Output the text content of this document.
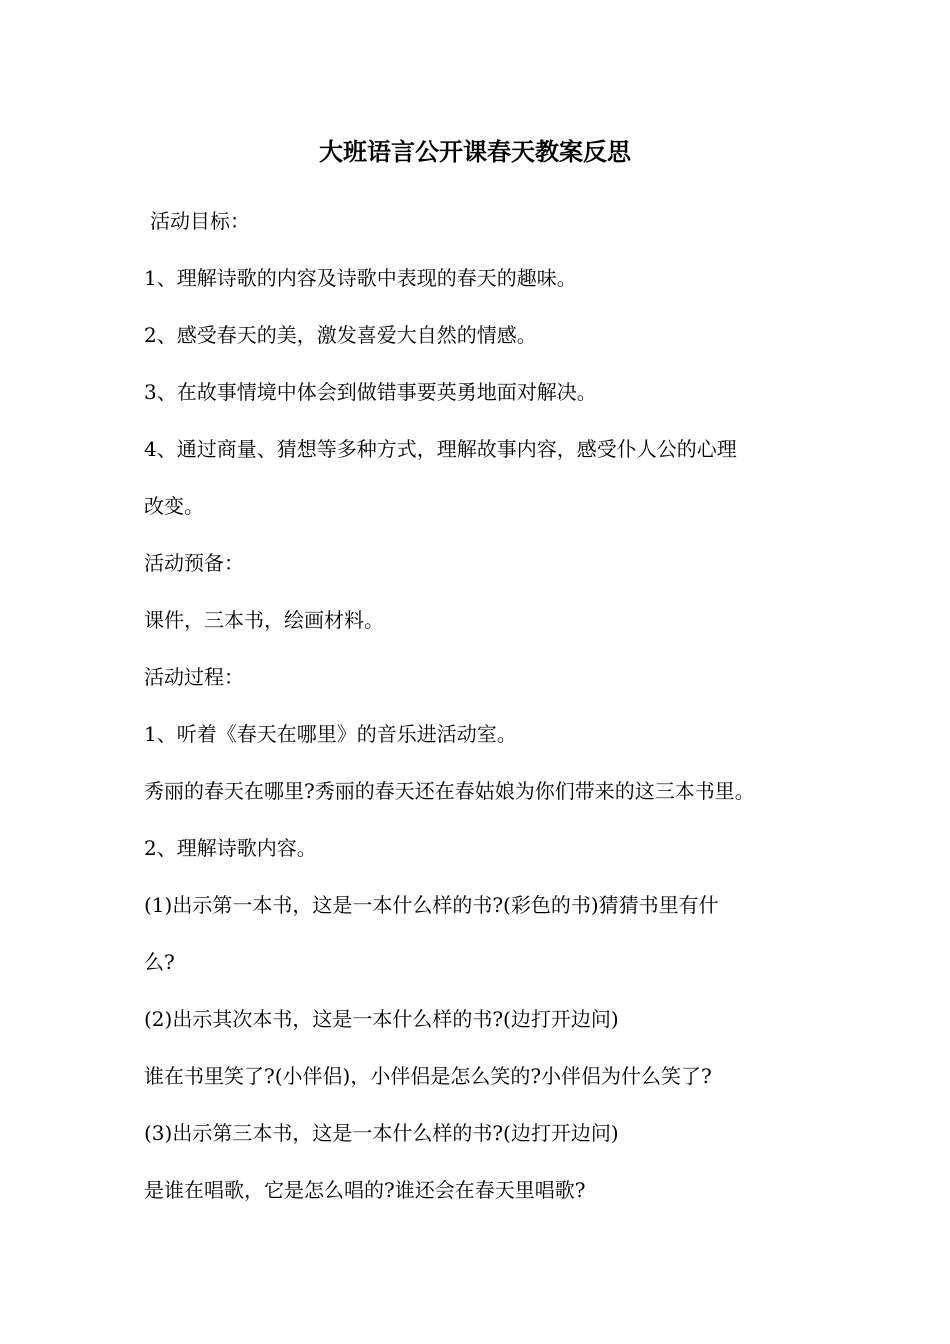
大班语言公开课春天教案反思
活动目标：
1、理解诗歌的内容及诗歌中表现的春天的趣味。
2、感受春天的美，激发喜爱大自然的情感。
3、在故事情境中体会到做错事要英勇地面对解决。
4、通过商量、猜想等多种方式，理解故事内容，感受仆人公的心理
改变。
活动预备：
课件，三本书，绘画材料。
活动过程：
1、听着《春天在哪里》的音乐进活动室。
秀丽的春天在哪里?秀丽的春天还在春姑娘为你们带来的这三本书里。
2、理解诗歌内容。
(1)出示第一本书，这是一本什么样的书?(彩色的书)猜猜书里有什
么?
(2)出示其次本书，这是一本什么样的书?(边打开边问)
谁在书里笑了?(小伴侣)，小伴侣是怎么笑的?小伴侣为什么笑了?
(3)出示第三本书，这是一本什么样的书?(边打开边问)
是谁在唱歌，它是怎么唱的?谁还会在春天里唱歌?
